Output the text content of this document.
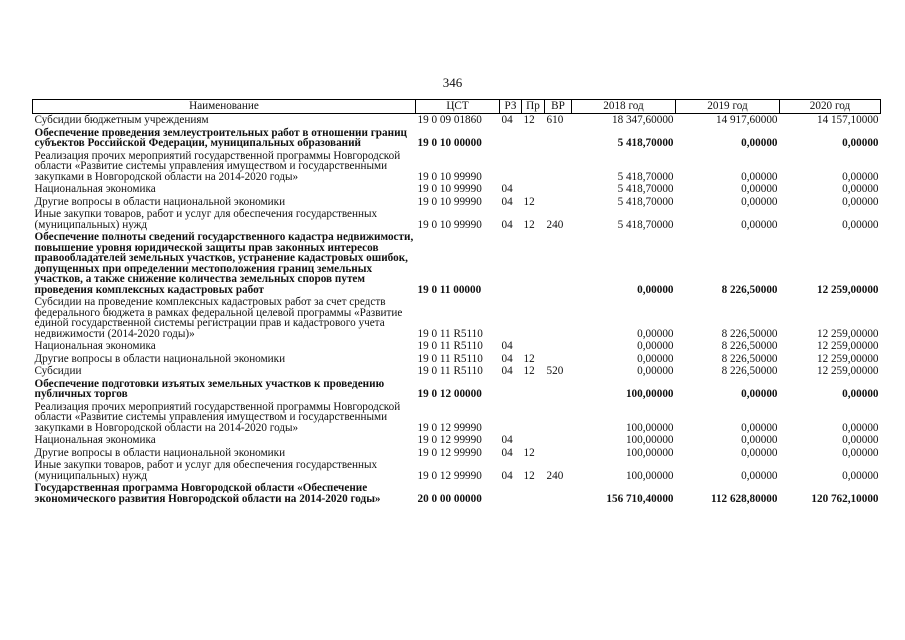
346
Наименование	ЦСТ	РЗ	Пр	ВР	2018 год	2019 год	2020 год
Субсидии бюджетным учреждениям	19 0 09 01860	04	12	610	18 347,60000	14 917,60000	14 157,10000
Обеспечение проведения землеустроительных работ в отношении границ субъектов Российской Федерации, муниципальных образований	19 0 10 00000				5 418,70000	0,00000	0,00000
Реализация прочих мероприятий государственной программы Новгородской области «Развитие системы управления имуществом и государственными закупками в Новгородской области на 2014-2020 годы»	19 0 10 99990				5 418,70000	0,00000	0,00000
Национальная экономика	19 0 10 99990	04			5 418,70000	0,00000	0,00000
Другие вопросы в области национальной экономики	19 0 10 99990	04	12		5 418,70000	0,00000	0,00000
Иные закупки товаров, работ и услуг для обеспечения государственных (муниципальных) нужд	19 0 10 99990	04	12	240	5 418,70000	0,00000	0,00000
Обеспечение полноты сведений государственного кадастра недвижимости, повышение уровня юридической защиты прав законных интересов правообладателей земельных участков, устранение кадастровых ошибок, допущенных при определении местоположения границ земельных участков, а также снижение количества земельных споров путем проведения комплексных кадастровых работ	19 0 11 00000				0,00000	8 226,50000	12 259,00000
Субсидии на проведение комплексных кадастровых работ за счет средств федерального бюджета в рамках федеральной целевой программы «Развитие единой государственной системы регистрации прав и кадастрового учета недвижимости (2014-2020 годы)»	19 0 11 R5110				0,00000	8 226,50000	12 259,00000
Национальная экономика	19 0 11 R5110	04			0,00000	8 226,50000	12 259,00000
Другие вопросы в области национальной экономики	19 0 11 R5110	04	12		0,00000	8 226,50000	12 259,00000
Субсидии	19 0 11 R5110	04	12	520	0,00000	8 226,50000	12 259,00000
Обеспечение подготовки изъятых земельных участков к проведению публичных торгов	19 0 12 00000				100,00000	0,00000	0,00000
Реализация прочих мероприятий государственной программы Новгородской области «Развитие системы управления имуществом и государственными закупками в Новгородской области на 2014-2020 годы»	19 0 12 99990				100,00000	0,00000	0,00000
Национальная экономика	19 0 12 99990	04			100,00000	0,00000	0,00000
Другие вопросы в области национальной экономики	19 0 12 99990	04	12		100,00000	0,00000	0,00000
Иные закупки товаров, работ и услуг для обеспечения государственных (муниципальных) нужд	19 0 12 99990	04	12	240	100,00000	0,00000	0,00000
Государственная программа Новгородской области «Обеспечение экономического развития Новгородской области на 2014-2020 годы»	20 0 00 00000				156 710,40000	112 628,80000	120 762,10000
